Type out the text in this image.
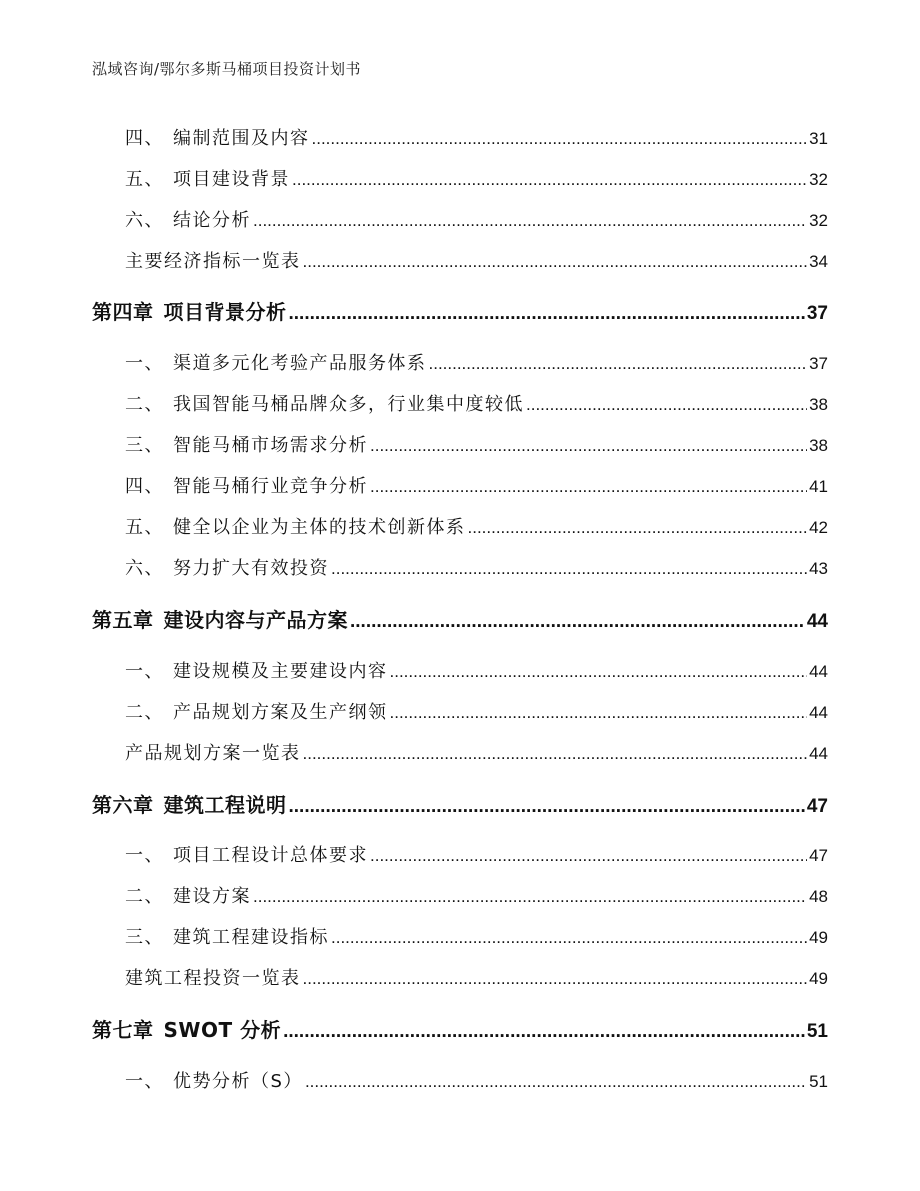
泓域咨询/鄂尔多斯马桶项目投资计划书
四、 编制范围及内容 .....	31
五、 项目建设背景 .....	32
六、 结论分析 .....	32
主要经济指标一览表 .....	34
第四章 项目背景分析 .....	37
一、 渠道多元化考验产品服务体系 .....	37
二、 我国智能马桶品牌众多，行业集中度较低 .....	38
三、 智能马桶市场需求分析 .....	38
四、 智能马桶行业竞争分析 .....	41
五、 健全以企业为主体的技术创新体系 .....	42
六、 努力扩大有效投资 .....	43
第五章 建设内容与产品方案 .....	44
一、 建设规模及主要建设内容 .....	44
二、 产品规划方案及生产纲领 .....	44
产品规划方案一览表 .....	44
第六章 建筑工程说明 .....	47
一、 项目工程设计总体要求 .....	47
二、 建设方案 .....	48
三、 建筑工程建设指标 .....	49
建筑工程投资一览表 .....	49
第七章 SWOT 分析 .....	51
一、 优势分析（S） .....	51
